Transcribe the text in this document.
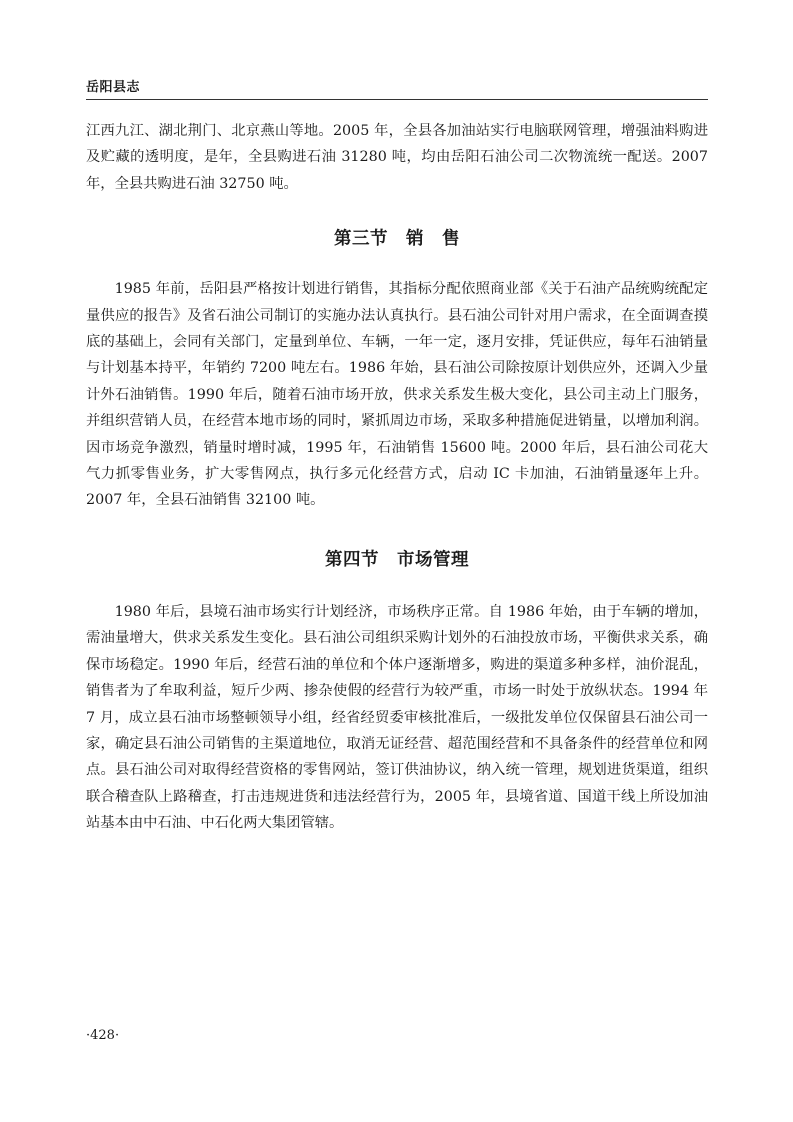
岳阳县志

江西九江、湖北荆门、北京燕山等地。2005 年，全县各加油站实行电脑联网管理，增强油料购进及贮藏的透明度，是年，全县购进石油 31280 吨，均由岳阳石油公司二次物流统一配送。2007 年，全县共购进石油 32750 吨。

第三节　销　售

1985 年前，岳阳县严格按计划进行销售，其指标分配依照商业部《关于石油产品统购统配定量供应的报告》及省石油公司制订的实施办法认真执行。县石油公司针对用户需求，在全面调查摸底的基础上，会同有关部门，定量到单位、车辆，一年一定，逐月安排，凭证供应，每年石油销量与计划基本持平，年销约 7200 吨左右。1986 年始，县石油公司除按原计划供应外，还调入少量计外石油销售。1990 年后，随着石油市场开放，供求关系发生极大变化，县公司主动上门服务，并组织营销人员，在经营本地市场的同时，紧抓周边市场，采取多种措施促进销量，以增加利润。因市场竞争激烈，销量时增时减，1995 年，石油销售 15600 吨。2000 年后，县石油公司花大气力抓零售业务，扩大零售网点，执行多元化经营方式，启动 IC 卡加油，石油销量逐年上升。2007 年，全县石油销售 32100 吨。

第四节　市场管理

1980 年后，县境石油市场实行计划经济，市场秩序正常。自 1986 年始，由于车辆的增加，需油量增大，供求关系发生变化。县石油公司组织采购计划外的石油投放市场，平衡供求关系，确保市场稳定。1990 年后，经营石油的单位和个体户逐渐增多，购进的渠道多种多样，油价混乱，销售者为了牟取利益，短斤少两、掺杂使假的经营行为较严重，市场一时处于放纵状态。1994 年 7 月，成立县石油市场整顿领导小组，经省经贸委审核批准后，一级批发单位仅保留县石油公司一家，确定县石油公司销售的主渠道地位，取消无证经营、超范围经营和不具备条件的经营单位和网点。县石油公司对取得经营资格的零售网站，签订供油协议，纳入统一管理，规划进货渠道，组织联合稽查队上路稽查，打击违规进货和违法经营行为，2005 年，县境省道、国道干线上所设加油站基本由中石油、中石化两大集团管辖。

·428·
